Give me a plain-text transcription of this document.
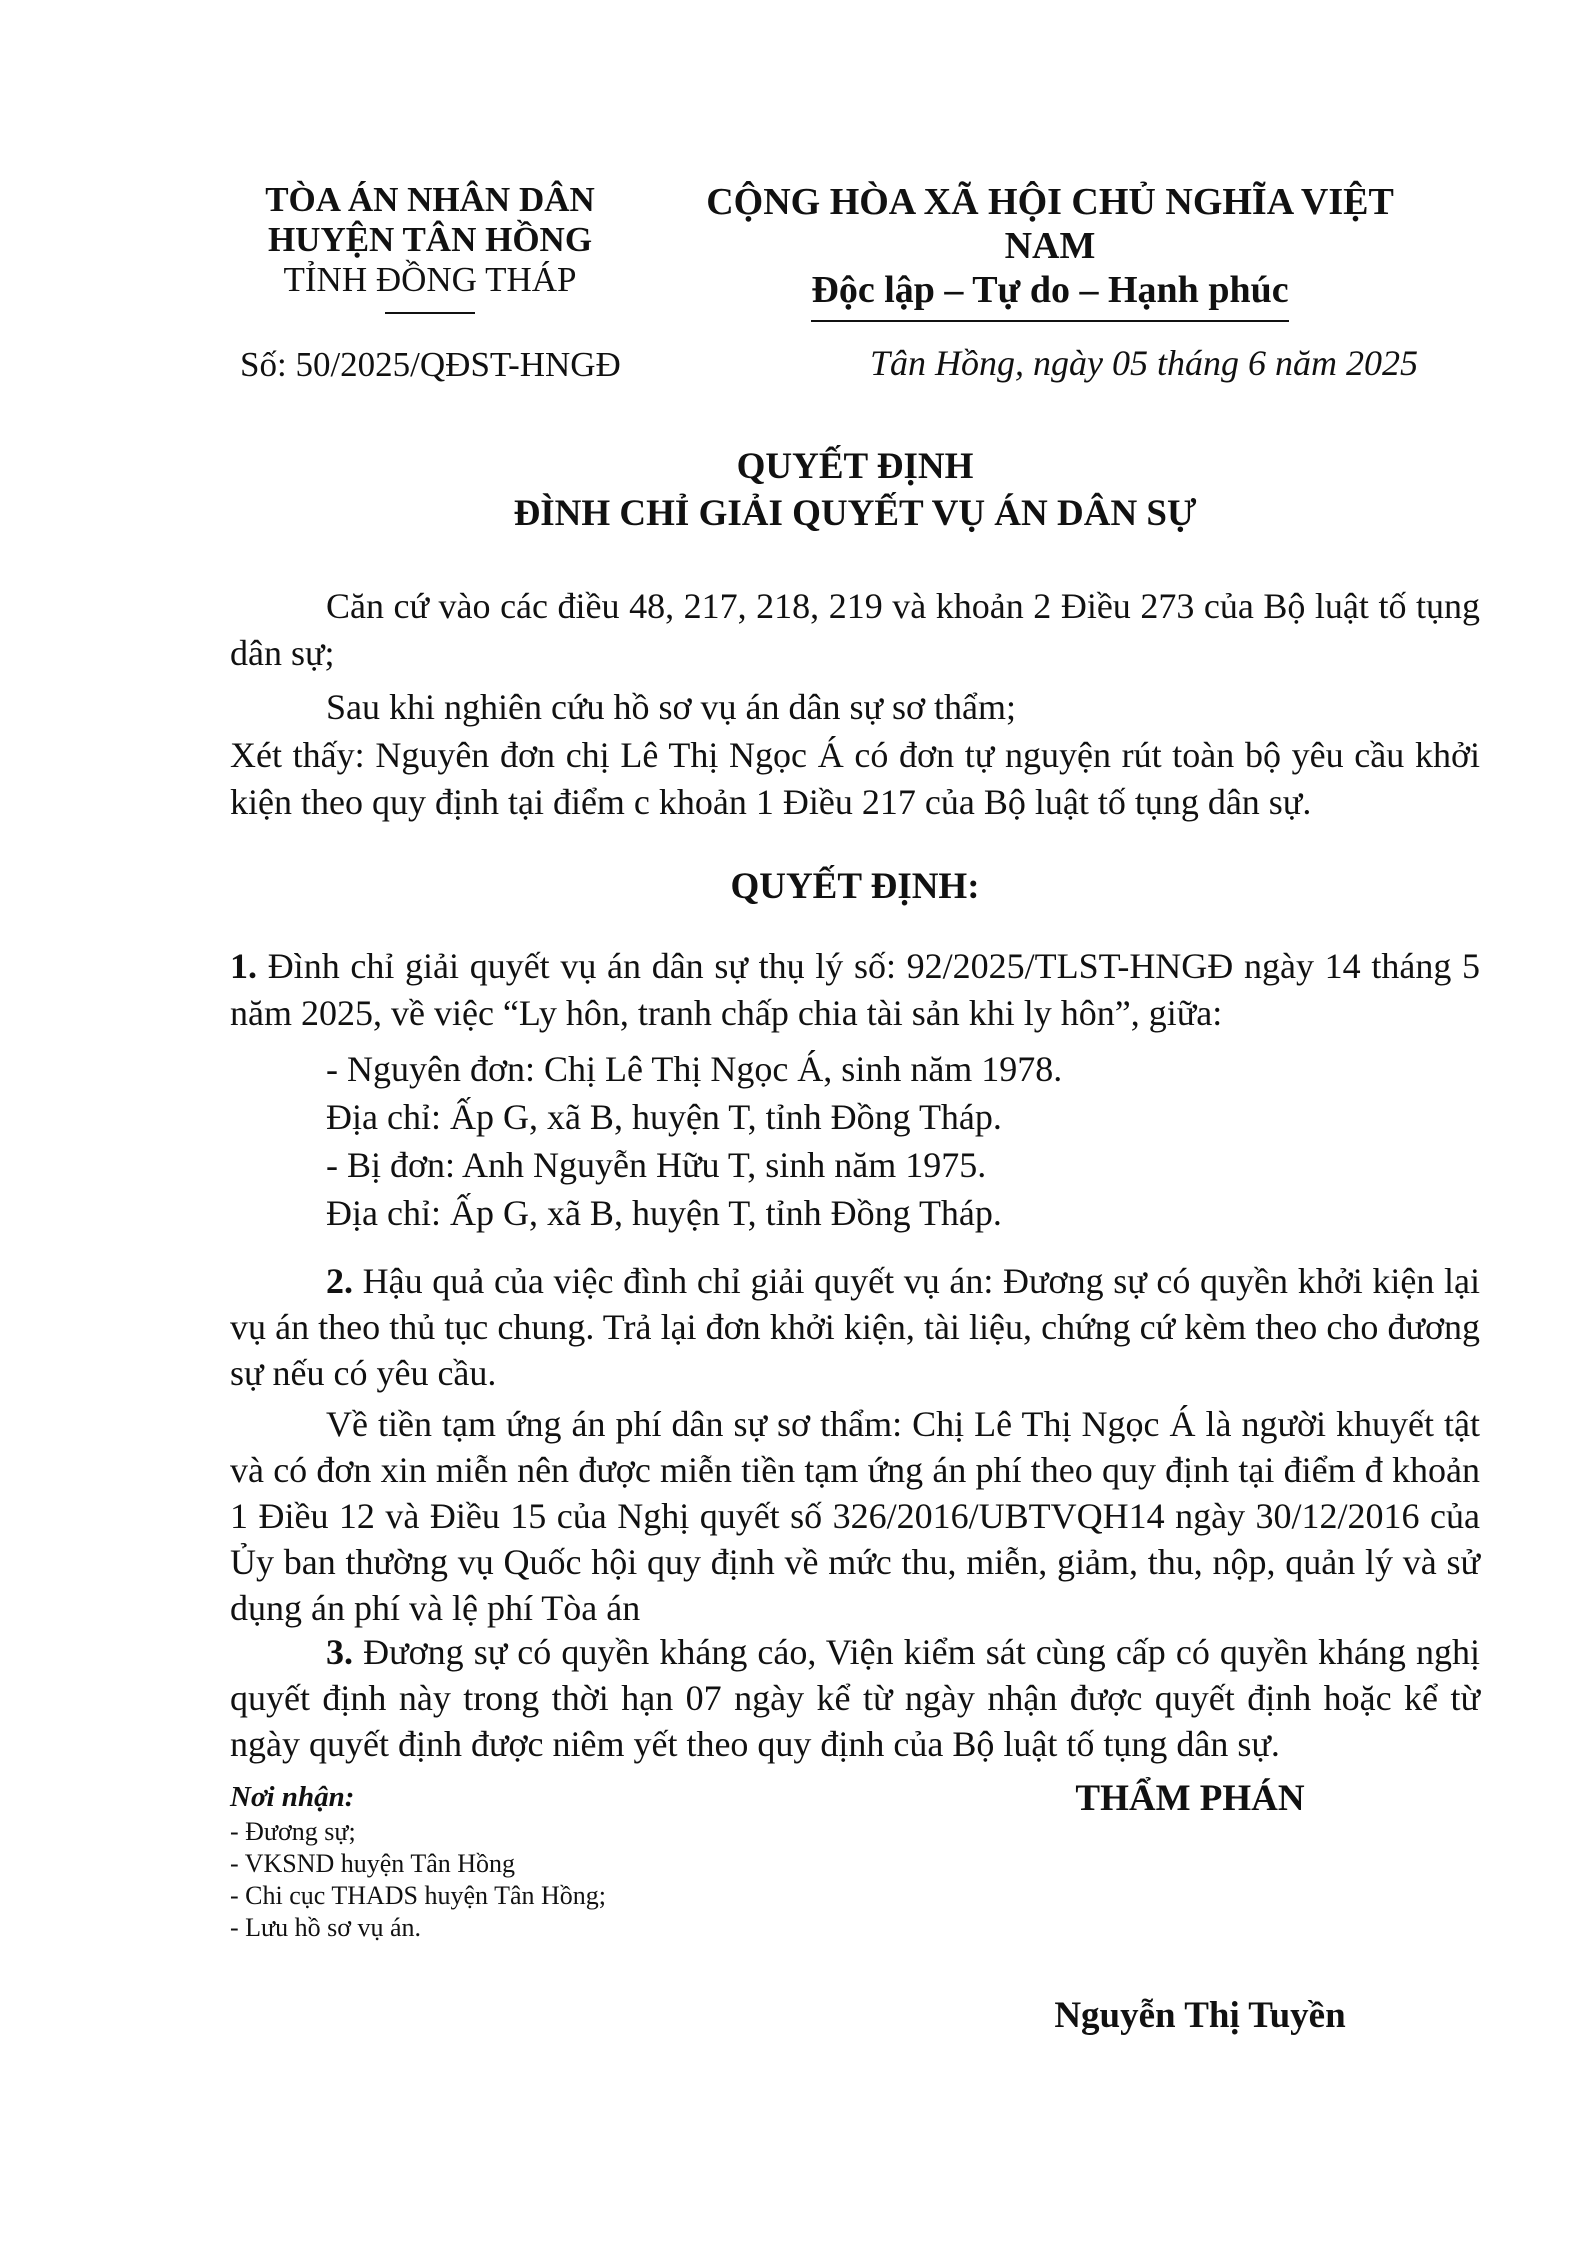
TÒA ÁN NHÂN DÂN
HUYỆN TÂN HỒNG
TỈNH ĐỒNG THÁP
CỘNG HÒA XÃ HỘI CHỦ NGHĨA VIỆT NAM
Độc lập – Tự do – Hạnh phúc
Số: 50/2025/QĐST-HNGĐ	Tân Hồng, ngày 05 tháng 6 năm 2025
QUYẾT ĐỊNH
ĐÌNH CHỈ GIẢI QUYẾT VỤ ÁN DÂN SỰ

Căn cứ vào các điều 48, 217, 218, 219 và khoản 2 Điều 273 của Bộ luật tố tụng dân sự;

Sau khi nghiên cứu hồ sơ vụ án dân sự sơ thẩm;

Xét thấy: Nguyên đơn chị Lê Thị Ngọc Á có đơn tự nguyện rút toàn bộ yêu cầu khởi kiện theo quy định tại điểm c khoản 1 Điều 217 của Bộ luật tố tụng dân sự.

QUYẾT ĐỊNH:

1. Đình chỉ giải quyết vụ án dân sự thụ lý số: 92/2025/TLST-HNGĐ ngày 14 tháng 5 năm 2025, về việc “Ly hôn, tranh chấp chia tài sản khi ly hôn”, giữa:

- Nguyên đơn: Chị Lê Thị Ngọc Á, sinh năm 1978.

Địa chỉ: Ấp G, xã B, huyện T, tỉnh Đồng Tháp.

- Bị đơn: Anh Nguyễn Hữu T, sinh năm 1975.

Địa chỉ: Ấp G, xã B, huyện T, tỉnh Đồng Tháp.

2. Hậu quả của việc đình chỉ giải quyết vụ án: Đương sự có quyền khởi kiện lại vụ án theo thủ tục chung. Trả lại đơn khởi kiện, tài liệu, chứng cứ kèm theo cho đương sự nếu có yêu cầu.

Về tiền tạm ứng án phí dân sự sơ thẩm: Chị Lê Thị Ngọc Á là người khuyết tật và có đơn xin miễn nên được miễn tiền tạm ứng án phí theo quy định tại điểm đ khoản 1 Điều 12 và Điều 15 của Nghị quyết số 326/2016/UBTVQH14 ngày 30/12/2016 của Ủy ban thường vụ Quốc hội quy định về mức thu, miễn, giảm, thu, nộp, quản lý và sử dụng án phí và lệ phí Tòa án

3. Đương sự có quyền kháng cáo, Viện kiểm sát cùng cấp có quyền kháng nghị quyết định này trong thời hạn 07 ngày kể từ ngày nhận được quyết định hoặc kể từ ngày quyết định được niêm yết theo quy định của Bộ luật tố tụng dân sự.

Nơi nhận:
- Đương sự;
- VKSND huyện Tân Hồng
- Chi cục THADS huyện Tân Hồng;
- Lưu hồ sơ vụ án.
THẨM PHÁN
Nguyễn Thị Tuyền
